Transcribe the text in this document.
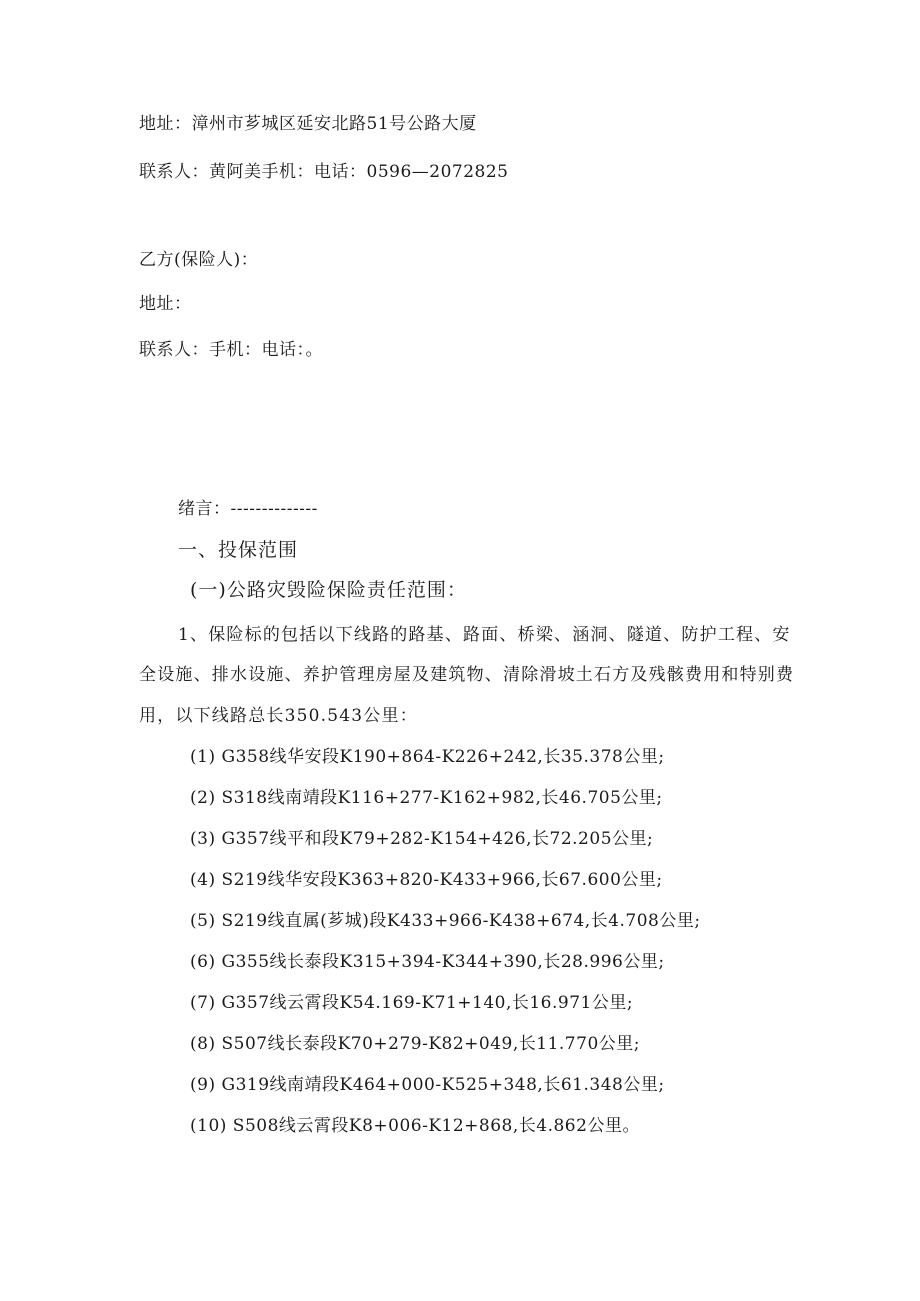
地址：漳州市芗城区延安北路51号公路大厦
联系人：黄阿美手机：电话：0596—2072825
乙方(保险人)：
地址：
联系人：手机：电话：。
绪言：--------------
一、投保范围
(一)公路灾毁险保险责任范围：
1、保险标的包括以下线路的路基、路面、桥梁、涵洞、隧道、防护工程、安
全设施、排水设施、养护管理房屋及建筑物、清除滑坡土石方及残骸费用和特别费
用，以下线路总长350.543公里：
(1) G358线华安段K190+864-K226+242,长35.378公里;
(2) S318线南靖段K116+277-K162+982,长46.705公里;
(3) G357线平和段K79+282-K154+426,长72.205公里;
(4) S219线华安段K363+820-K433+966,长67.600公里;
(5) S219线直属(芗城)段K433+966-K438+674,长4.708公里;
(6) G355线长泰段K315+394-K344+390,长28.996公里;
(7) G357线云霄段K54.169-K71+140,长16.971公里;
(8) S507线长泰段K70+279-K82+049,长11.770公里;
(9) G319线南靖段K464+000-K525+348,长61.348公里;
(10) S508线云霄段K8+006-K12+868,长4.862公里。
